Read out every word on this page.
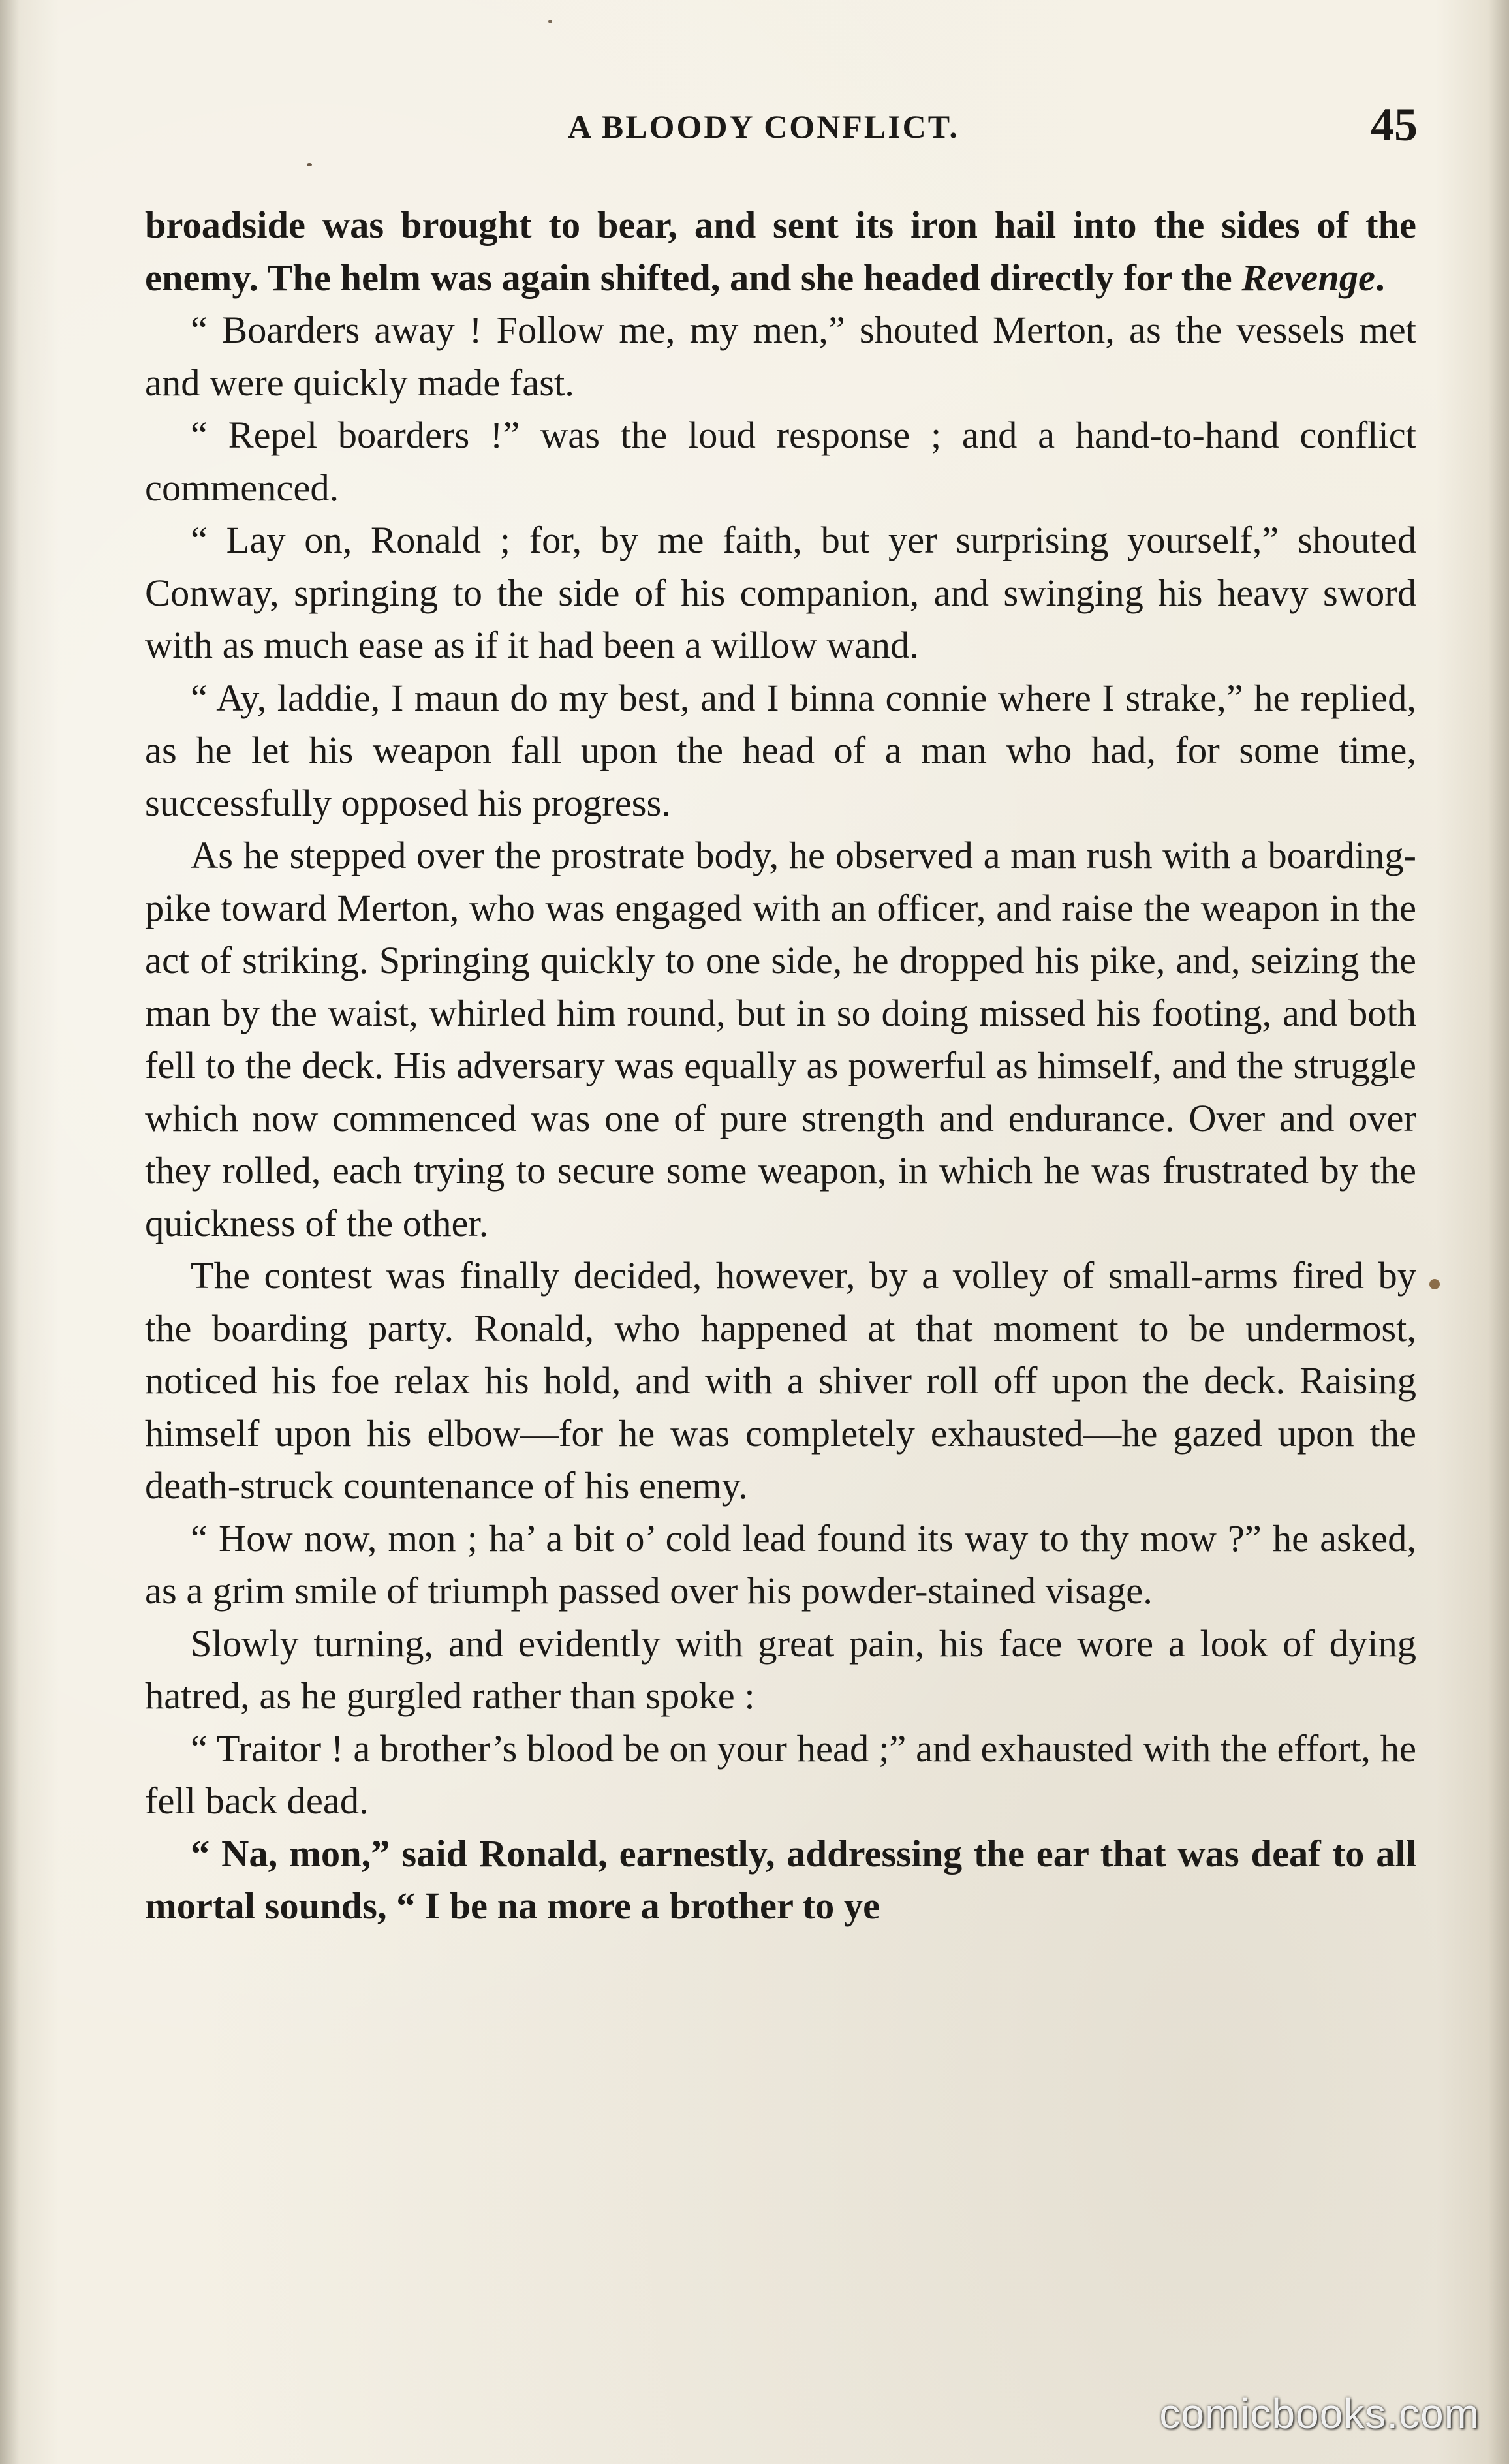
A BLOODY CONFLICT.	45

broadside was brought to bear, and sent its iron hail into the sides of the enemy. The helm was again shifted, and she headed directly for the Revenge.

“ Boarders away ! Follow me, my men,” shouted Merton, as the vessels met and were quickly made fast.

“ Repel boarders !” was the loud response ; and a hand-to-hand conflict commenced.

“ Lay on, Ronald ; for, by me faith, but yer surprising yourself,” shouted Conway, springing to the side of his companion, and swinging his heavy sword with as much ease as if it had been a willow wand.

“ Ay, laddie, I maun do my best, and I binna connie where I strake,” he replied, as he let his weapon fall upon the head of a man who had, for some time, successfully opposed his progress.

As he stepped over the prostrate body, he observed a man rush with a boarding-pike toward Merton, who was engaged with an officer, and raise the weapon in the act of striking. Springing quickly to one side, he dropped his pike, and, seizing the man by the waist, whirled him round, but in so doing missed his footing, and both fell to the deck. His adversary was equally as powerful as himself, and the struggle which now commenced was one of pure strength and endurance. Over and over they rolled, each trying to secure some weapon, in which he was frustrated by the quickness of the other.

The contest was finally decided, however, by a volley of small-arms fired by the boarding party. Ronald, who happened at that moment to be undermost, noticed his foe relax his hold, and with a shiver roll off upon the deck. Raising himself upon his elbow—for he was completely exhausted—he gazed upon the death-struck countenance of his enemy.

“ How now, mon ; ha’ a bit o’ cold lead found its way to thy mow ?” he asked, as a grim smile of triumph passed over his powder-stained visage.

Slowly turning, and evidently with great pain, his face wore a look of dying hatred, as he gurgled rather than spoke :

“ Traitor ! a brother’s blood be on your head ;” and exhausted with the effort, he fell back dead.

“ Na, mon,” said Ronald, earnestly, addressing the ear that was deaf to all mortal sounds, “ I be na more a brother to ye

comicbooks.com
